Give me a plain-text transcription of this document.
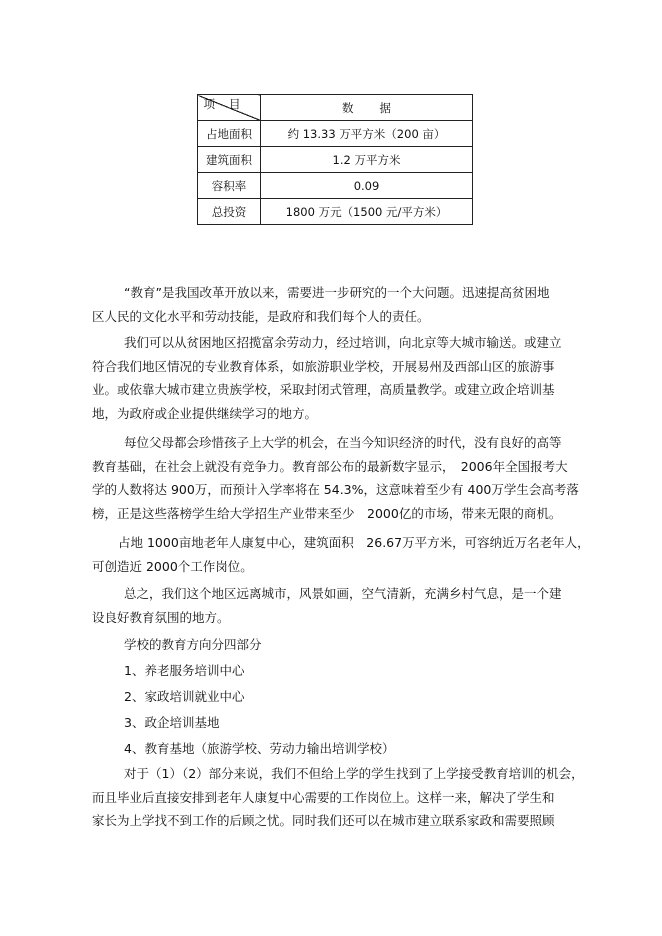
项目	数据
占地面积	约 13.33 万平方米（200 亩）
建筑面积	1.2 万平方米
容积率	0.09
总投资	1800 万元（1500 元/平方米）
“教育”是我国改革开放以来，需要进一步研究的一个大问题。迅速提高贫困地
区人民的文化水平和劳动技能，是政府和我们每个人的责任。
我们可以从贫困地区招揽富余劳动力，经过培训，向北京等大城市输送。或建立
符合我们地区情况的专业教育体系，如旅游职业学校，开展易州及西部山区的旅游事
业。或依靠大城市建立贵族学校，采取封闭式管理，高质量教学。或建立政企培训基
地，为政府或企业提供继续学习的地方。
每位父母都会珍惜孩子上大学的机会，在当今知识经济的时代，没有良好的高等
教育基础，在社会上就没有竞争力。教育部公布的最新数字显示，　2006年全国报考大
学的人数将达 900万，而预计入学率将在 54.3%，这意味着至少有 400万学生会高考落
榜，正是这些落榜学生给大学招生产业带来至少　2000亿的市场，带来无限的商机。
占地 1000亩地老年人康复中心，建筑面积　26.67万平方米，可容纳近万名老年人，
可创造近 2000个工作岗位。
总之，我们这个地区远离城市，风景如画，空气清新，充满乡村气息，是一个建
设良好教育氛围的地方。
学校的教育方向分四部分
1、养老服务培训中心
2、家政培训就业中心
3、政企培训基地
4、教育基地（旅游学校、劳动力输出培训学校）
对于（1）（2）部分来说，我们不但给上学的学生找到了上学接受教育培训的机会，
而且毕业后直接安排到老年人康复中心需要的工作岗位上。这样一来，解决了学生和
家长为上学找不到工作的后顾之忧。同时我们还可以在城市建立联系家政和需要照顾
